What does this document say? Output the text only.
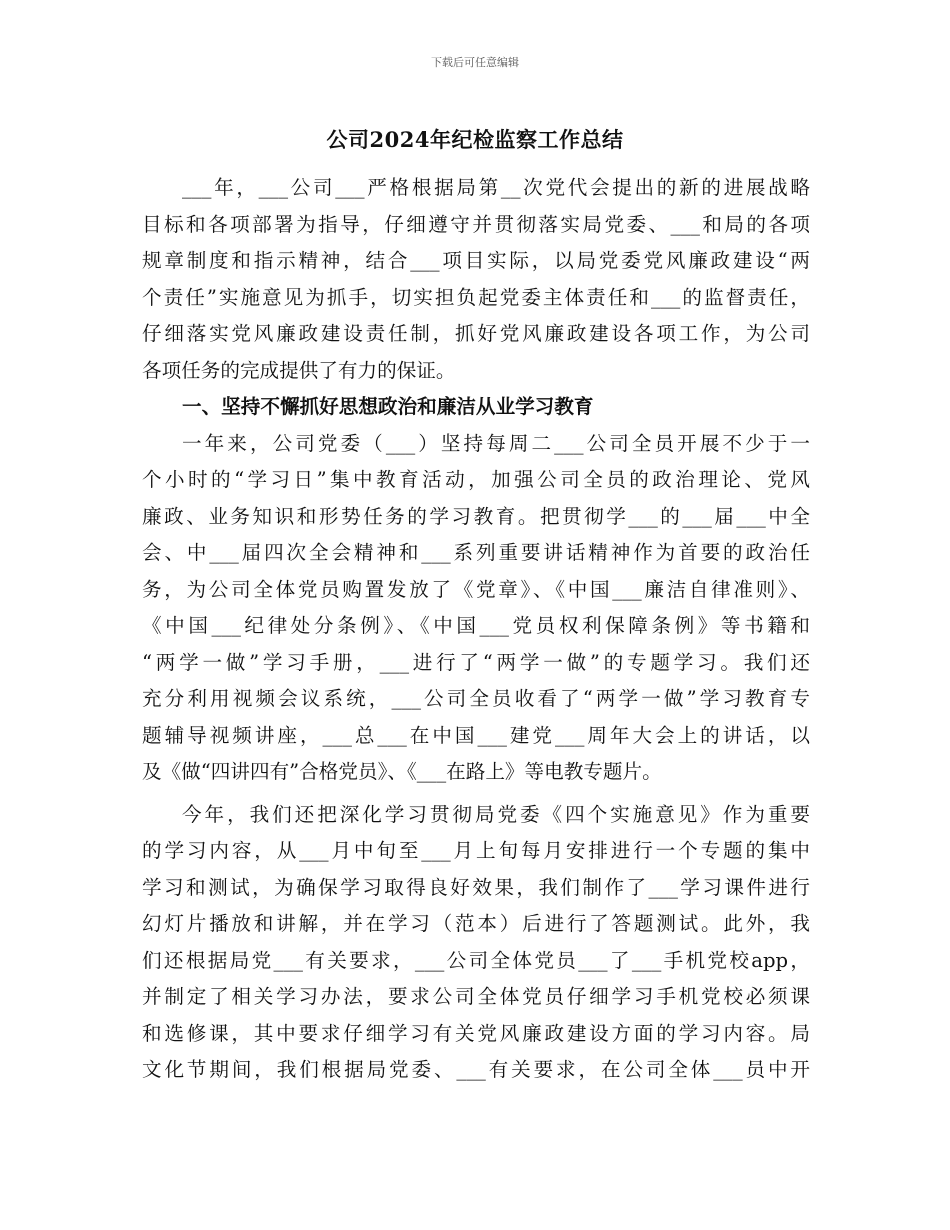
下载后可任意编辑
公司2024年纪检监察工作总结
___年，___公司___严格根据局第__次党代会提出的新的进展战略
目标和各项部署为指导，仔细遵守并贯彻落实局党委、___和局的各项
规章制度和指示精神，结合___项目实际，以局党委党风廉政建设“两
个责任”实施意见为抓手，切实担负起党委主体责任和___的监督责任，
仔细落实党风廉政建设责任制，抓好党风廉政建设各项工作，为公司
各项任务的完成提供了有力的保证。
一、坚持不懈抓好思想政治和廉洁从业学习教育
一年来，公司党委（___）坚持每周二___公司全员开展不少于一
个小时的“学习日”集中教育活动，加强公司全员的政治理论、党风
廉政、业务知识和形势任务的学习教育。把贯彻学___的___届___中全
会、中___届四次全会精神和___系列重要讲话精神作为首要的政治任
务，为公司全体党员购置发放了《党章》、《中国___廉洁自律准则》、
《中国___纪律处分条例》、《中国___党员权利保障条例》等书籍和
“两学一做”学习手册，___进行了“两学一做”的专题学习。我们还
充分利用视频会议系统，___公司全员收看了“两学一做”学习教育专
题辅导视频讲座，___总___在中国___建党___周年大会上的讲话，以
及《做“四讲四有”合格党员》、《___在路上》等电教专题片。
今年，我们还把深化学习贯彻局党委《四个实施意见》作为重要
的学习内容，从___月中旬至___月上旬每月安排进行一个专题的集中
学习和测试，为确保学习取得良好效果，我们制作了___学习课件进行
幻灯片播放和讲解，并在学习（范本）后进行了答题测试。此外，我
们还根据局党___有关要求，___公司全体党员___了___手机党校app，
并制定了相关学习办法，要求公司全体党员仔细学习手机党校必须课
和选修课，其中要求仔细学习有关党风廉政建设方面的学习内容。局
文化节期间，我们根据局党委、___有关要求，在公司全体___员中开
